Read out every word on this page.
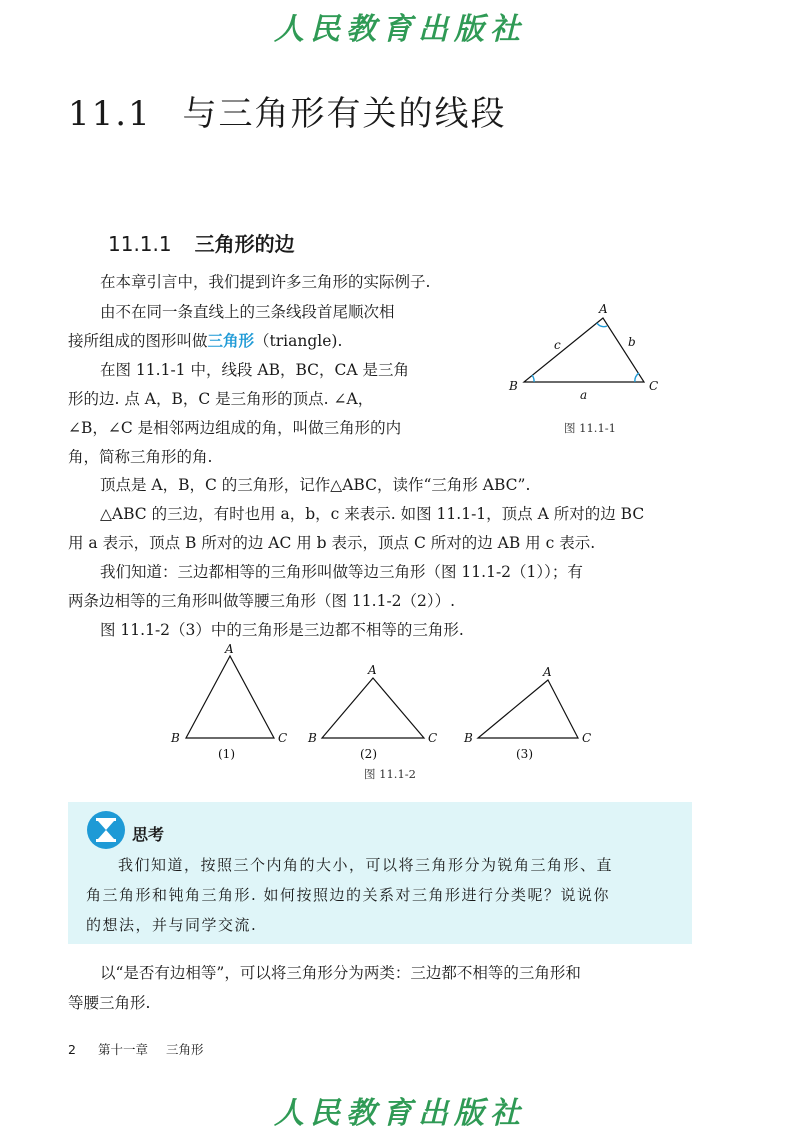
人民教育出版社
11.1 与三角形有关的线段
11.1.1 三角形的边
在本章引言中，我们提到许多三角形的实际例子.
由不在同一条直线上的三条线段首尾顺次相
接所组成的图形叫做三角形（triangle).
在图 11.1-1 中，线段 AB，BC，CA 是三角
形的边. 点 A，B，C 是三角形的顶点. ∠A，
∠B，∠C 是相邻两边组成的角，叫做三角形的内
角，简称三角形的角.
A
B	C
a
b
c
图 11.1-1
顶点是 A，B，C 的三角形，记作△ABC，读作“三角形 ABC”.
△ABC 的三边，有时也用 a，b，c 来表示. 如图 11.1-1，顶点 A 所对的边 BC
用 a 表示，顶点 B 所对的边 AC 用 b 表示，顶点 C 所对的边 AB 用 c 表示.
我们知道：三边都相等的三角形叫做等边三角形（图 11.1-2（1））；有
两条边相等的三角形叫做等腰三角形（图 11.1-2（2））.
图 11.1-2（3）中的三角形是三边都不相等的三角形.
A
B	C
(1)
A
B	C
(2)
A
B	C
(3)
图 11.1-2
思考
我们知道，按照三个内角的大小，可以将三角形分为锐角三角形、直
角三角形和钝角三角形. 如何按照边的关系对三角形进行分类呢？说说你
的想法，并与同学交流.
以“是否有边相等”，可以将三角形分为两类：三边都不相等的三角形和
等腰三角形.
2 第十一章 三角形
人民教育出版社
